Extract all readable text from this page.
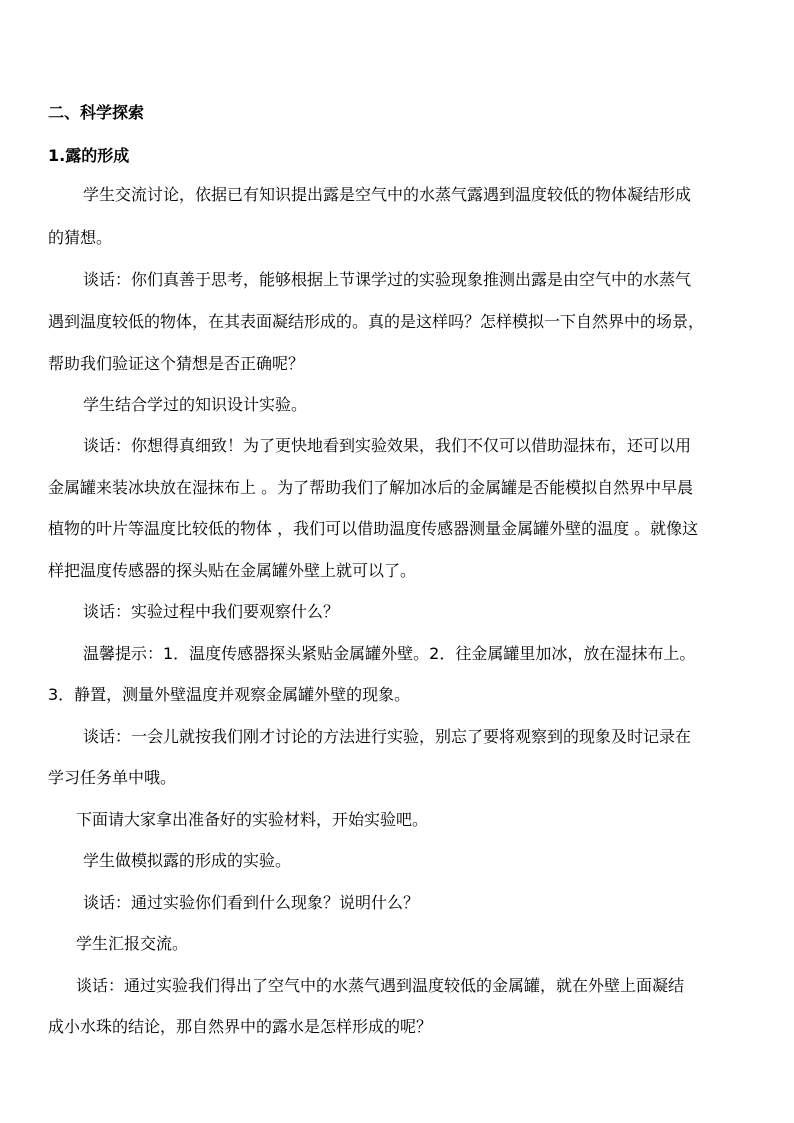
二、科学探索
1.露的形成
学生交流讨论，依据已有知识提出露是空气中的水蒸气露遇到温度较低的物体凝结形成
的猜想。
谈话：你们真善于思考，能够根据上节课学过的实验现象推测出露是由空气中的水蒸气
遇到温度较低的物体，在其表面凝结形成的。真的是这样吗？怎样模拟一下自然界中的场景，
帮助我们验证这个猜想是否正确呢？
学生结合学过的知识设计实验。
谈话：你想得真细致！为了更快地看到实验效果，我们不仅可以借助湿抹布，还可以用
金属罐来装冰块放在湿抹布上 。为了帮助我们了解加冰后的金属罐是否能模拟自然界中早晨
植物的叶片等温度比较低的物体 ，我们可以借助温度传感器测量金属罐外壁的温度 。就像这
样把温度传感器的探头贴在金属罐外壁上就可以了。
谈话：实验过程中我们要观察什么？
温馨提示：1．温度传感器探头紧贴金属罐外壁。2．往金属罐里加冰，放在湿抹布上。
3．静置，测量外壁温度并观察金属罐外壁的现象。
谈话：一会儿就按我们刚才讨论的方法进行实验，别忘了要将观察到的现象及时记录在
学习任务单中哦。
下面请大家拿出准备好的实验材料，开始实验吧。
学生做模拟露的形成的实验。
谈话：通过实验你们看到什么现象？说明什么？
学生汇报交流。
谈话：通过实验我们得出了空气中的水蒸气遇到温度较低的金属罐，就在外壁上面凝结
成小水珠的结论，那自然界中的露水是怎样形成的呢？
